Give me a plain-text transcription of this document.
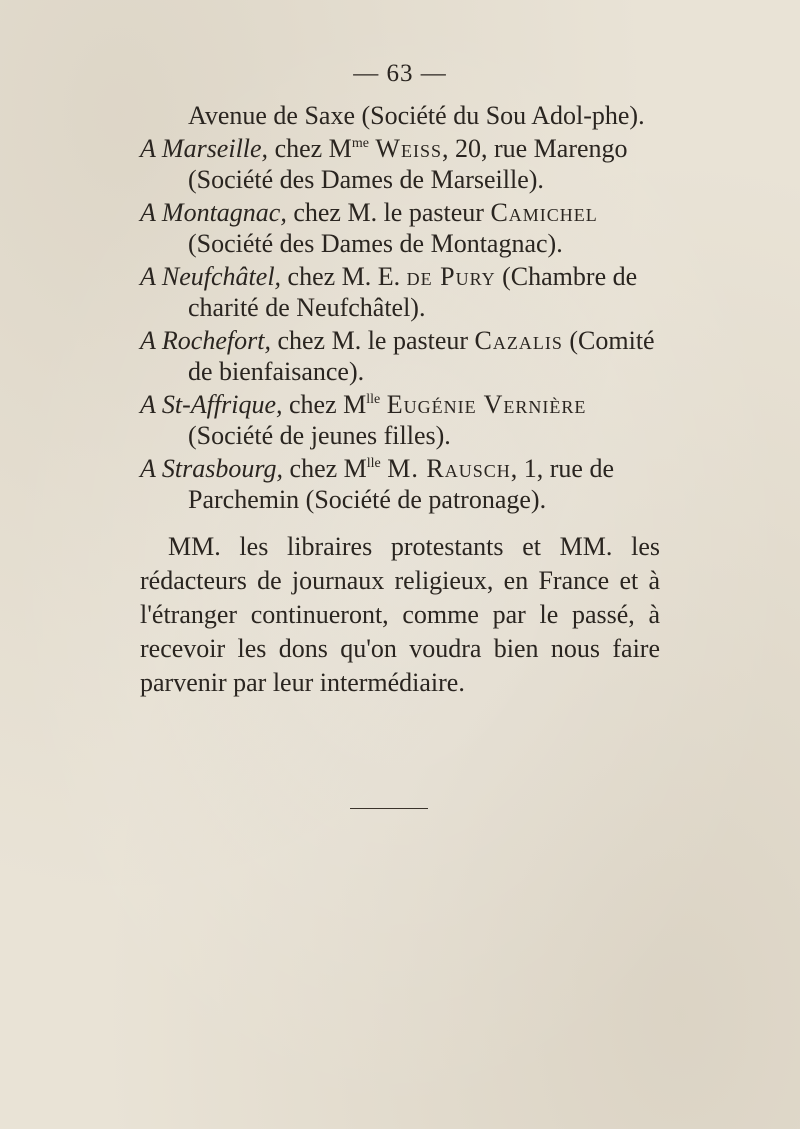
— 63 —
Avenue de Saxe (Société du Sou Adol-phe).
A Marseille, chez $M^{me}$ Weiss, 20, rue Marengo (Société des Dames de Marseille).
A Montagnac, chez M. le pasteur Camichel (Société des Dames de Montagnac).
A Neufchâtel, chez M. E. de Pury (Chambre de charité de Neufchâtel).
A Rochefort, chez M. le pasteur Cazalis (Comité de bienfaisance).
A St-Affrique, chez $M^{lle}$ Eugénie Vernière (Société de jeunes filles).
A Strasbourg, chez $M^{lle}$ M. Rausch, 1, rue de Parchemin (Société de patronage).

MM. les libraires protestants et MM. les rédacteurs de journaux religieux, en France et à l'étranger continueront, comme par le passé, à recevoir les dons qu'on voudra bien nous faire parvenir par leur intermédiaire.
